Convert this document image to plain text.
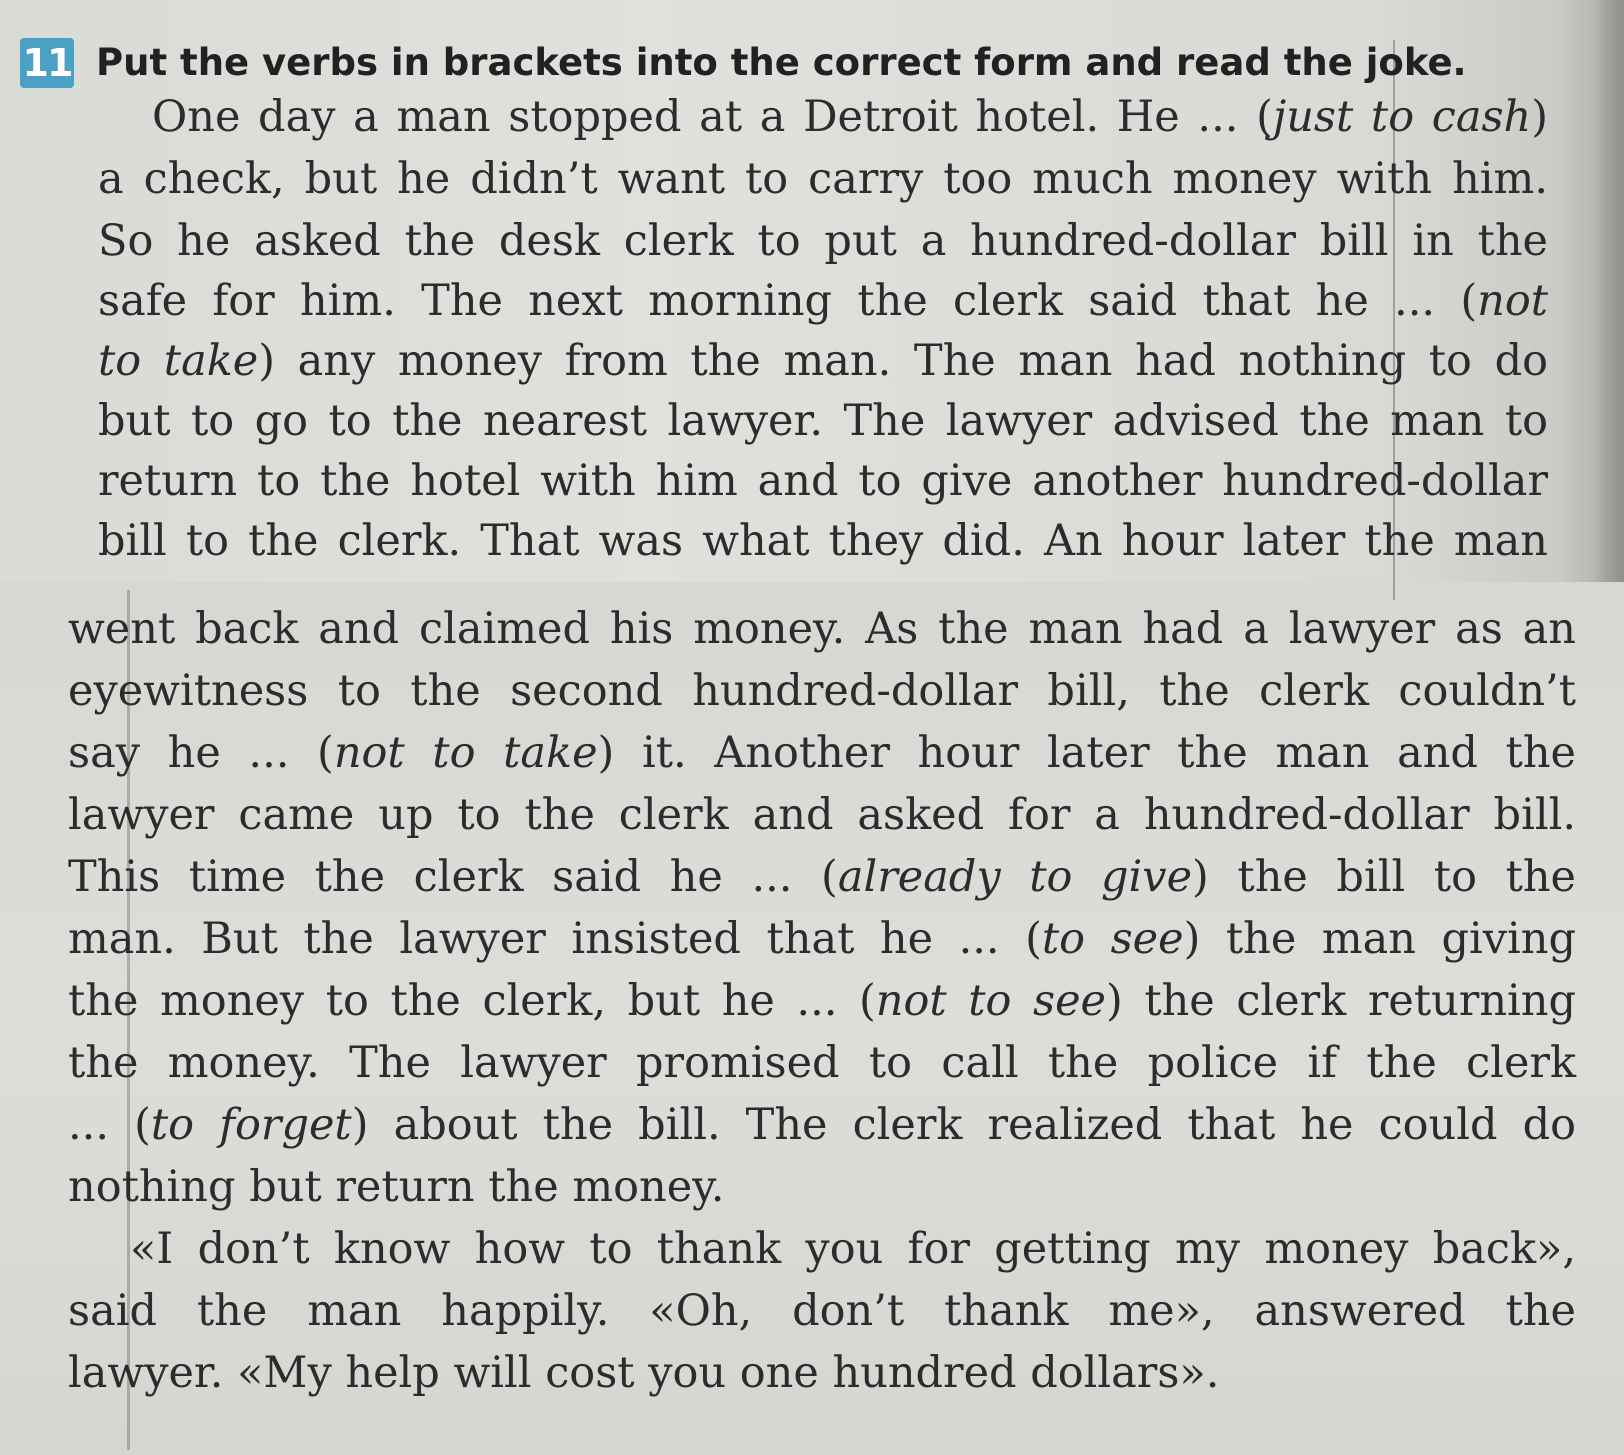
11 Put the verbs in brackets into the correct form and read the joke.
One day a man stopped at a Detroit hotel. He ... (just to cash)
a check, but he didn’t want to carry too much money with him.
So he asked the desk clerk to put a hundred-dollar bill in the
safe for him. The next morning the clerk said that he ... (not
to take) any money from the man. The man had nothing to do
but to go to the nearest lawyer. The lawyer advised the man to
return to the hotel with him and to give another hundred-dollar
bill to the clerk. That was what they did. An hour later the man
went back and claimed his money. As the man had a lawyer as an
eyewitness to the second hundred-dollar bill, the clerk couldn’t
say he ... (not to take) it. Another hour later the man and the
lawyer came up to the clerk and asked for a hundred-dollar bill.
This time the clerk said he ... (already to give) the bill to the
man. But the lawyer insisted that he ... (to see) the man giving
the money to the clerk, but he ... (not to see) the clerk returning
the money. The lawyer promised to call the police if the clerk
... (to forget) about the bill. The clerk realized that he could do
nothing but return the money.
«I don’t know how to thank you for getting my money back»,
said the man happily. «Oh, don’t thank me», answered the
lawyer. «My help will cost you one hundred dollars».
